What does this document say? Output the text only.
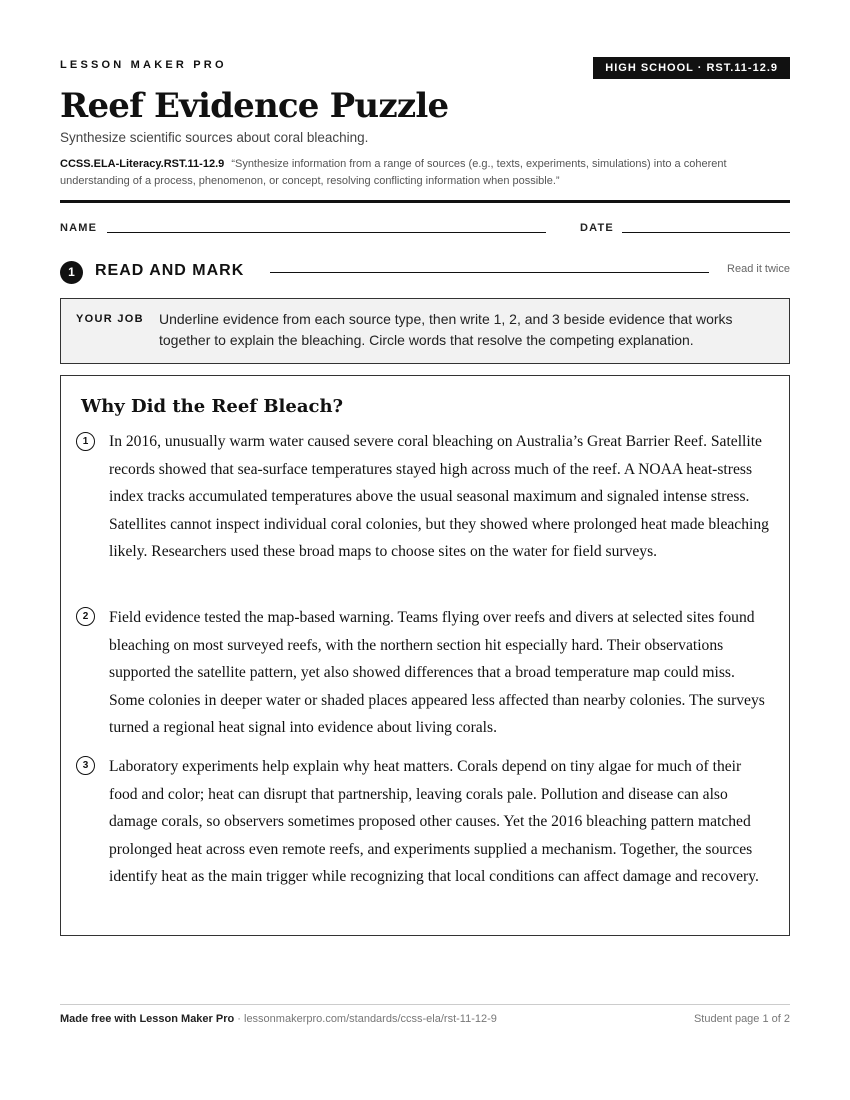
LESSON MAKER PRO	HIGH SCHOOL · RST.11-12.9
Reef Evidence Puzzle
Synthesize scientific sources about coral bleaching.
CCSS.ELA-Literacy.RST.11-12.9 “Synthesize information from a range of sources (e.g., texts, experiments, simulations) into a coherent understanding of a process, phenomenon, or concept, resolving conflicting information when possible.”
NAME	DATE
1	READ AND MARK	Read it twice
YOUR JOB Underline evidence from each source type, then write 1, 2, and 3 beside evidence that works together to explain the bleaching. Circle words that resolve the competing explanation.
Why Did the Reef Bleach?
1	In 2016, unusually warm water caused severe coral bleaching on Australia’s Great Barrier Reef. Satellite records showed that sea-surface temperatures stayed high across much of the reef. A NOAA heat-stress index tracks accumulated temperatures above the usual seasonal maximum and signaled intense stress. Satellites cannot inspect individual coral colonies, but they showed where prolonged heat made bleaching likely. Researchers used these broad maps to choose sites on the water for field surveys.
2	Field evidence tested the map-based warning. Teams flying over reefs and divers at selected sites found bleaching on most surveyed reefs, with the northern section hit especially hard. Their observations supported the satellite pattern, yet also showed differences that a broad temperature map could miss. Some colonies in deeper water or shaded places appeared less affected than nearby colonies. The surveys turned a regional heat signal into evidence about living corals.
3	Laboratory experiments help explain why heat matters. Corals depend on tiny algae for much of their food and color; heat can disrupt that partnership, leaving corals pale. Pollution and disease can also damage corals, so observers sometimes proposed other causes. Yet the 2016 bleaching pattern matched prolonged heat across even remote reefs, and experiments supplied a mechanism. Together, the sources identify heat as the main trigger while recognizing that local conditions can affect damage and recovery.
Made free with Lesson Maker Pro · lessonmakerpro.com/standards/ccss-ela/rst-11-12-9	Student page 1 of 2
